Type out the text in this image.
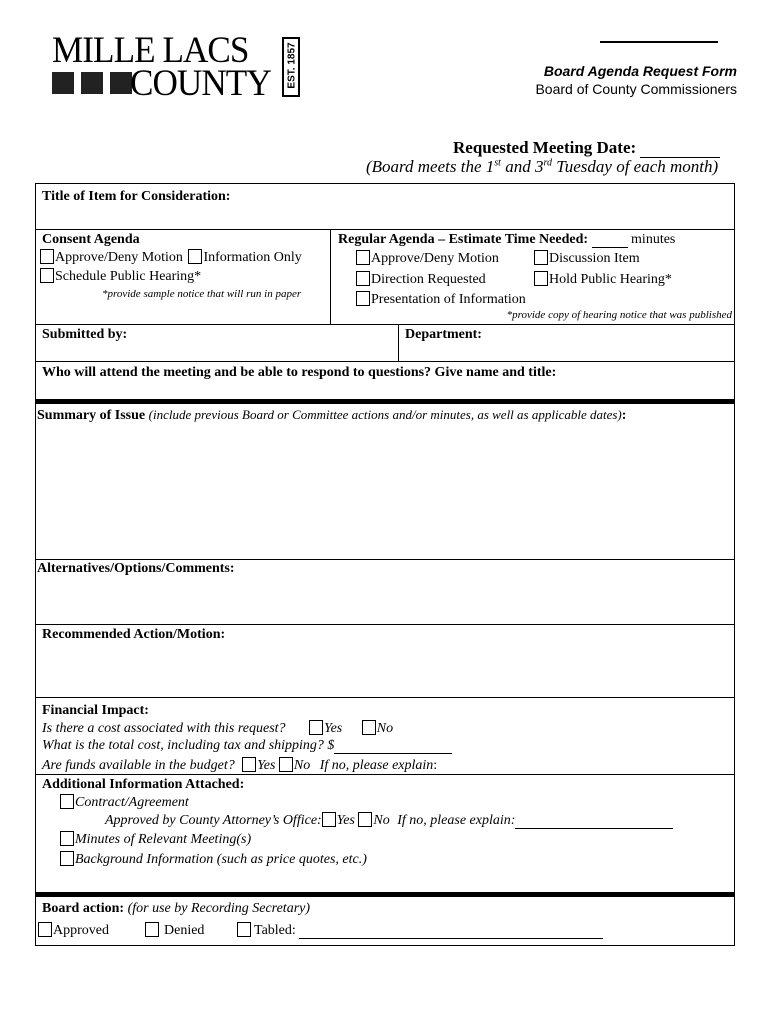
MILLE LACS

COUNTY EST. 1857	Board Agenda Request Form
Board of County Commissioners
Requested Meeting Date:
(Board meets the 1st and 3rd Tuesday of each month)
Title of Item for Consideration:
Consent Agenda
Approve/Deny Motion Information Only
Schedule Public Hearing*
*provide sample notice that will run in paper
Regular Agenda – Estimate Time Needed:	minutes
Approve/Deny Motion	Discussion Item
Direction Requested	Hold Public Hearing*
Presentation of Information
*provide copy of hearing notice that was published
Submitted by:	Department:
Who will attend the meeting and be able to respond to questions? Give name and title:
Summary of Issue (include previous Board or Committee actions and/or minutes, as well as applicable dates):
Alternatives/Options/Comments:
Recommended Action/Motion:
Financial Impact:
Is there a cost associated with this request?	Yes No
What is the total cost, including tax and shipping? $
Are funds available in the budget? Yes No If no, please explain:
Additional Information Attached:
Contract/Agreement
Approved by County Attorney’s Office: Yes No If no, please explain:
Minutes of Relevant Meeting(s)
Background Information (such as price quotes, etc.)
Board action: (for use by Recording Secretary)
Approved	Denied	Tabled:
